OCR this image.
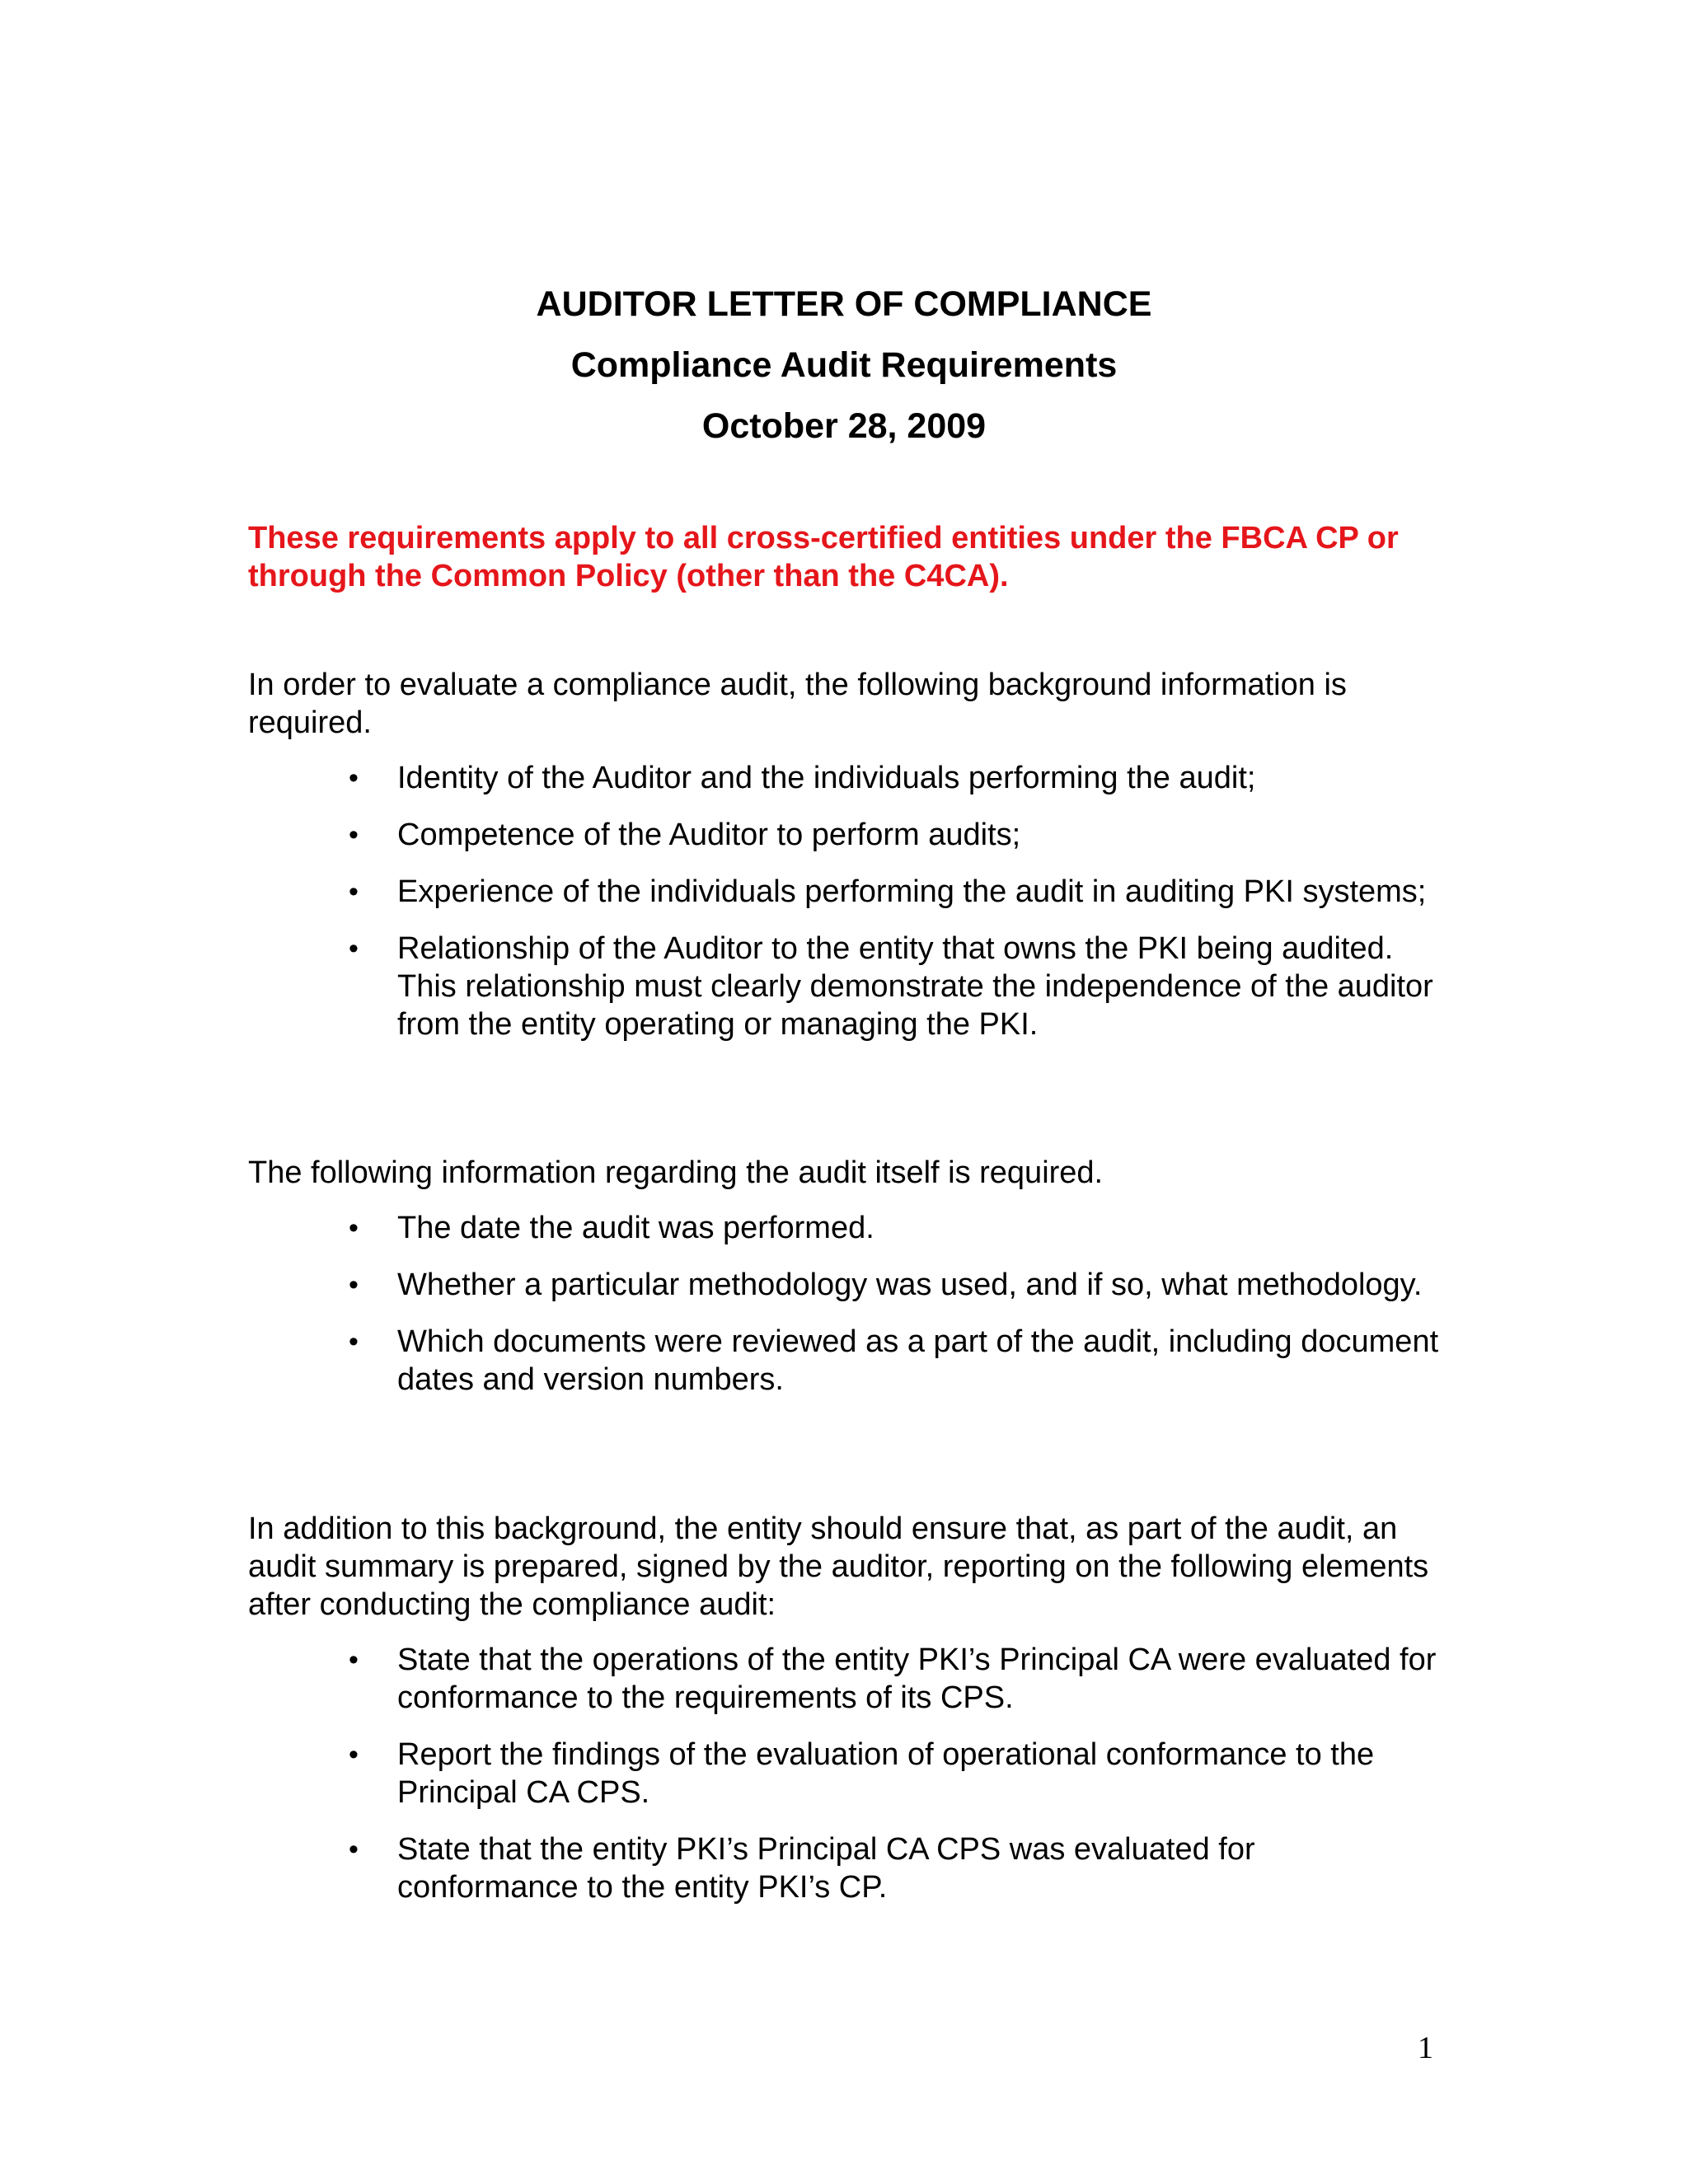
AUDITOR LETTER OF COMPLIANCE

Compliance Audit Requirements

October 28, 2009

These requirements apply to all cross-certified entities under the FBCA CP or through the Common Policy (other than the C4CA).

In order to evaluate a compliance audit, the following background information is required.

• Identity of the Auditor and the individuals performing the audit;
• Competence of the Auditor to perform audits;
• Experience of the individuals performing the audit in auditing PKI systems;
• Relationship of the Auditor to the entity that owns the PKI being audited. This relationship must clearly demonstrate the independence of the auditor from the entity operating or managing the PKI.

The following information regarding the audit itself is required.

• The date the audit was performed.
• Whether a particular methodology was used, and if so, what methodology.
• Which documents were reviewed as a part of the audit, including document dates and version numbers.

In addition to this background, the entity should ensure that, as part of the audit, an audit summary is prepared, signed by the auditor, reporting on the following elements after conducting the compliance audit:

• State that the operations of the entity PKI’s Principal CA were evaluated for conformance to the requirements of its CPS.
• Report the findings of the evaluation of operational conformance to the Principal CA CPS.
• State that the entity PKI’s Principal CA CPS was evaluated for conformance to the entity PKI’s CP.
1
